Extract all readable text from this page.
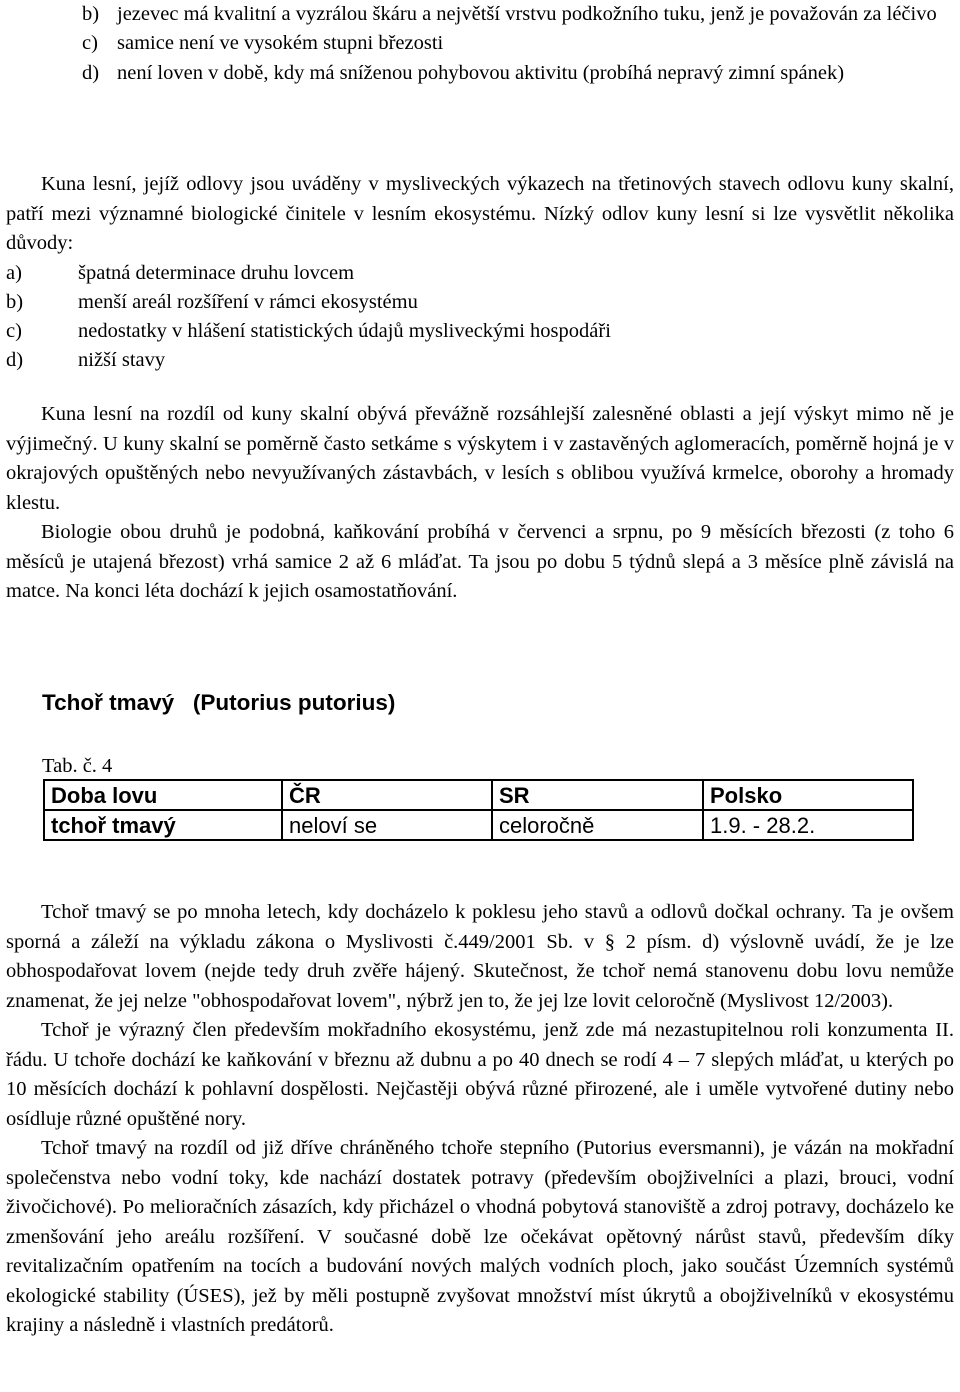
b) jezevec má kvalitní a vyzrálou škáru a největší vrstvu podkožního tuku, jenž je považován za léčivo
c) samice není ve vysokém stupni březosti
d) není loven v době, kdy má sníženou pohybovou aktivitu (probíhá nepravý zimní spánek)

Kuna lesní, jejíž odlovy jsou uváděny v mysliveckých výkazech na třetinových stavech odlovu kuny skalní, patří mezi významné biologické činitele v lesním ekosystému. Nízký odlov kuny lesní si lze vysvětlit několika důvody:

a)	špatná determinace druhu lovcem
b)	menší areál rozšíření v rámci ekosystému
c)	nedostatky v hlášení statistických údajů mysliveckými hospodáři
d)	nižší stavy

Kuna lesní na rozdíl od kuny skalní obývá převážně rozsáhlejší zalesněné oblasti a její výskyt mimo ně je výjimečný. U kuny skalní se poměrně často setkáme s výskytem i v zastavěných aglomeracích, poměrně hojná je v okrajových opuštěných nebo nevyužívaných zástavbách, v lesích s oblibou využívá krmelce, oborohy a hromady klestu.

Biologie obou druhů je podobná, kaňkování probíhá v červenci a srpnu, po 9 měsících březosti (z toho 6 měsíců je utajená březost) vrhá samice 2 až 6 mláďat. Ta jsou po dobu 5 týdnů slepá a 3 měsíce plně závislá na matce. Na konci léta dochází k jejich osamostatňování.

Tchoř tmavý   (Putorius putorius)
Tab. č. 4
Doba lovu	ČR	SR	Polsko
tchoř tmavý	neloví se	celoročně	1.9. - 28.2.

Tchoř tmavý se po mnoha letech, kdy docházelo k poklesu jeho stavů a odlovů dočkal ochrany. Ta je ovšem sporná a záleží na výkladu zákona o Myslivosti č.449/2001 Sb. v § 2 písm. d) výslovně uvádí, že je lze obhospodařovat lovem (nejde tedy druh zvěře hájený. Skutečnost, že tchoř nemá stanovenu dobu lovu nemůže znamenat, že jej nelze "obhospodařovat lovem", nýbrž jen to, že jej lze lovit celoročně (Myslivost 12/2003).

Tchoř je výrazný člen především mokřadního ekosystému, jenž zde má nezastupitelnou roli konzumenta II. řádu. U tchoře dochází ke kaňkování v březnu až dubnu a po 40 dnech se rodí 4 – 7 slepých mláďat, u kterých po 10 měsících dochází k pohlavní dospělosti. Nejčastěji obývá různé přirozené, ale i uměle vytvořené dutiny nebo osídluje různé opuštěné nory.

Tchoř tmavý na rozdíl od již dříve chráněného tchoře stepního (Putorius eversmanni), je vázán na mokřadní společenstva nebo vodní toky, kde nachází dostatek potravy (především obojživelníci a plazi, brouci, vodní živočichové). Po melioračních zásazích, kdy přicházel o vhodná pobytová stanoviště a zdroj potravy, docházelo ke zmenšování jeho areálu rozšíření. V současné době lze očekávat opětovný nárůst stavů, především díky revitalizačním opatřením na tocích a budování nových malých vodních ploch, jako součást Územních systémů ekologické stability (ÚSES), jež by měli postupně zvyšovat množství míst úkrytů a obojživelníků v ekosystému krajiny a následně i vlastních predátorů.
